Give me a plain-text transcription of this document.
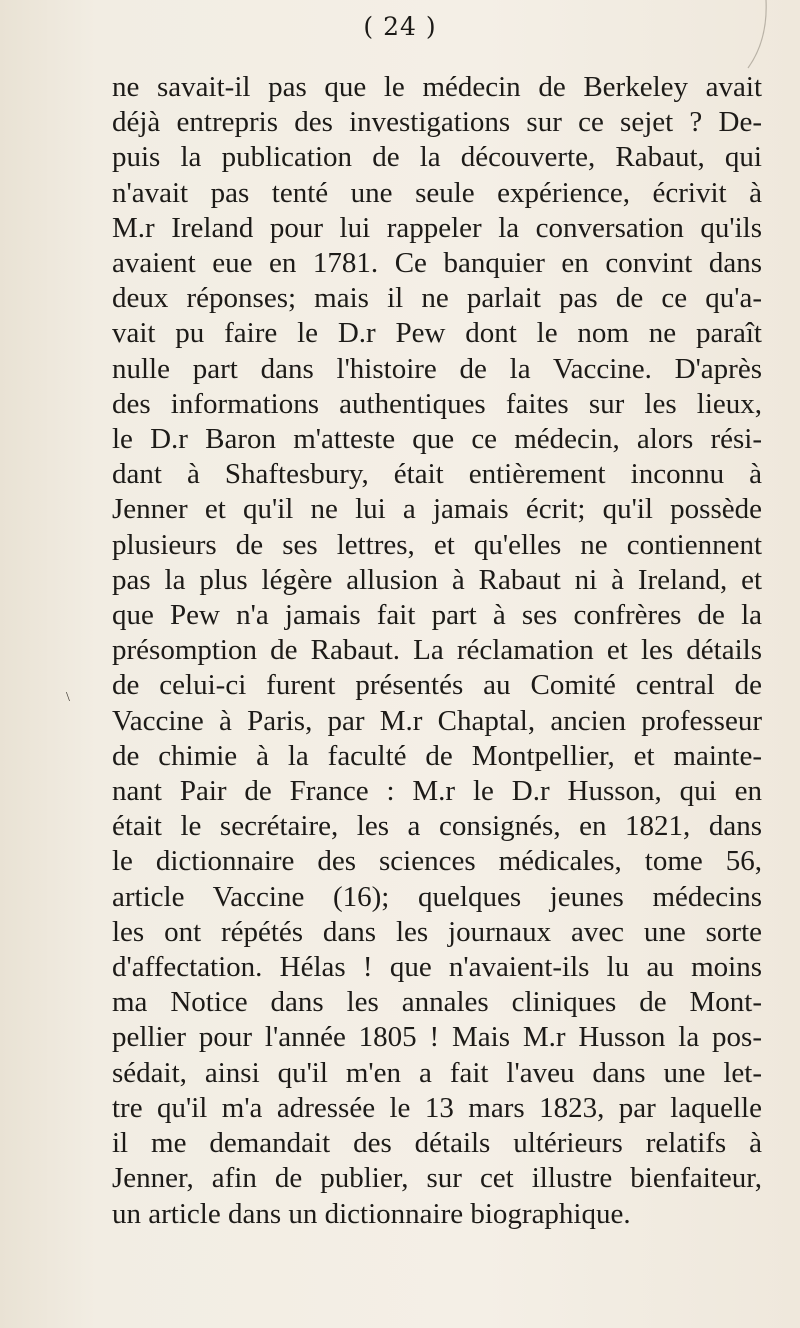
( 24 )
\
ne savait-il pas que le médecin de Berkeley avait
déjà entrepris des investigations sur ce sejet ? De-
puis la publication de la découverte, Rabaut, qui
n'avait pas tenté une seule expérience, écrivit à
M.r Ireland pour lui rappeler la conversation qu'ils
avaient eue en 1781. Ce banquier en convint dans
deux réponses; mais il ne parlait pas de ce qu'a-
vait pu faire le D.r Pew dont le nom ne paraît
nulle part dans l'histoire de la Vaccine. D'après
des informations authentiques faites sur les lieux,
le D.r Baron m'atteste que ce médecin, alors rési-
dant à Shaftesbury, était entièrement inconnu à
Jenner et qu'il ne lui a jamais écrit; qu'il possède
plusieurs de ses lettres, et qu'elles ne contiennent
pas la plus légère allusion à Rabaut ni à Ireland, et
que Pew n'a jamais fait part à ses confrères de la
présomption de Rabaut. La réclamation et les détails
de celui-ci furent présentés au Comité central de
Vaccine à Paris, par M.r Chaptal, ancien professeur
de chimie à la faculté de Montpellier, et mainte-
nant Pair de France : M.r le D.r Husson, qui en
était le secrétaire, les a consignés, en 1821, dans
le dictionnaire des sciences médicales, tome 56,
article Vaccine (16); quelques jeunes médecins
les ont répétés dans les journaux avec une sorte
d'affectation. Hélas ! que n'avaient-ils lu au moins
ma Notice dans les annales cliniques de Mont-
pellier pour l'année 1805 ! Mais M.r Husson la pos-
sédait, ainsi qu'il m'en a fait l'aveu dans une let-
tre qu'il m'a adressée le 13 mars 1823, par laquelle
il me demandait des détails ultérieurs relatifs à
Jenner, afin de publier, sur cet illustre bienfaiteur,
un article dans un dictionnaire biographique.
